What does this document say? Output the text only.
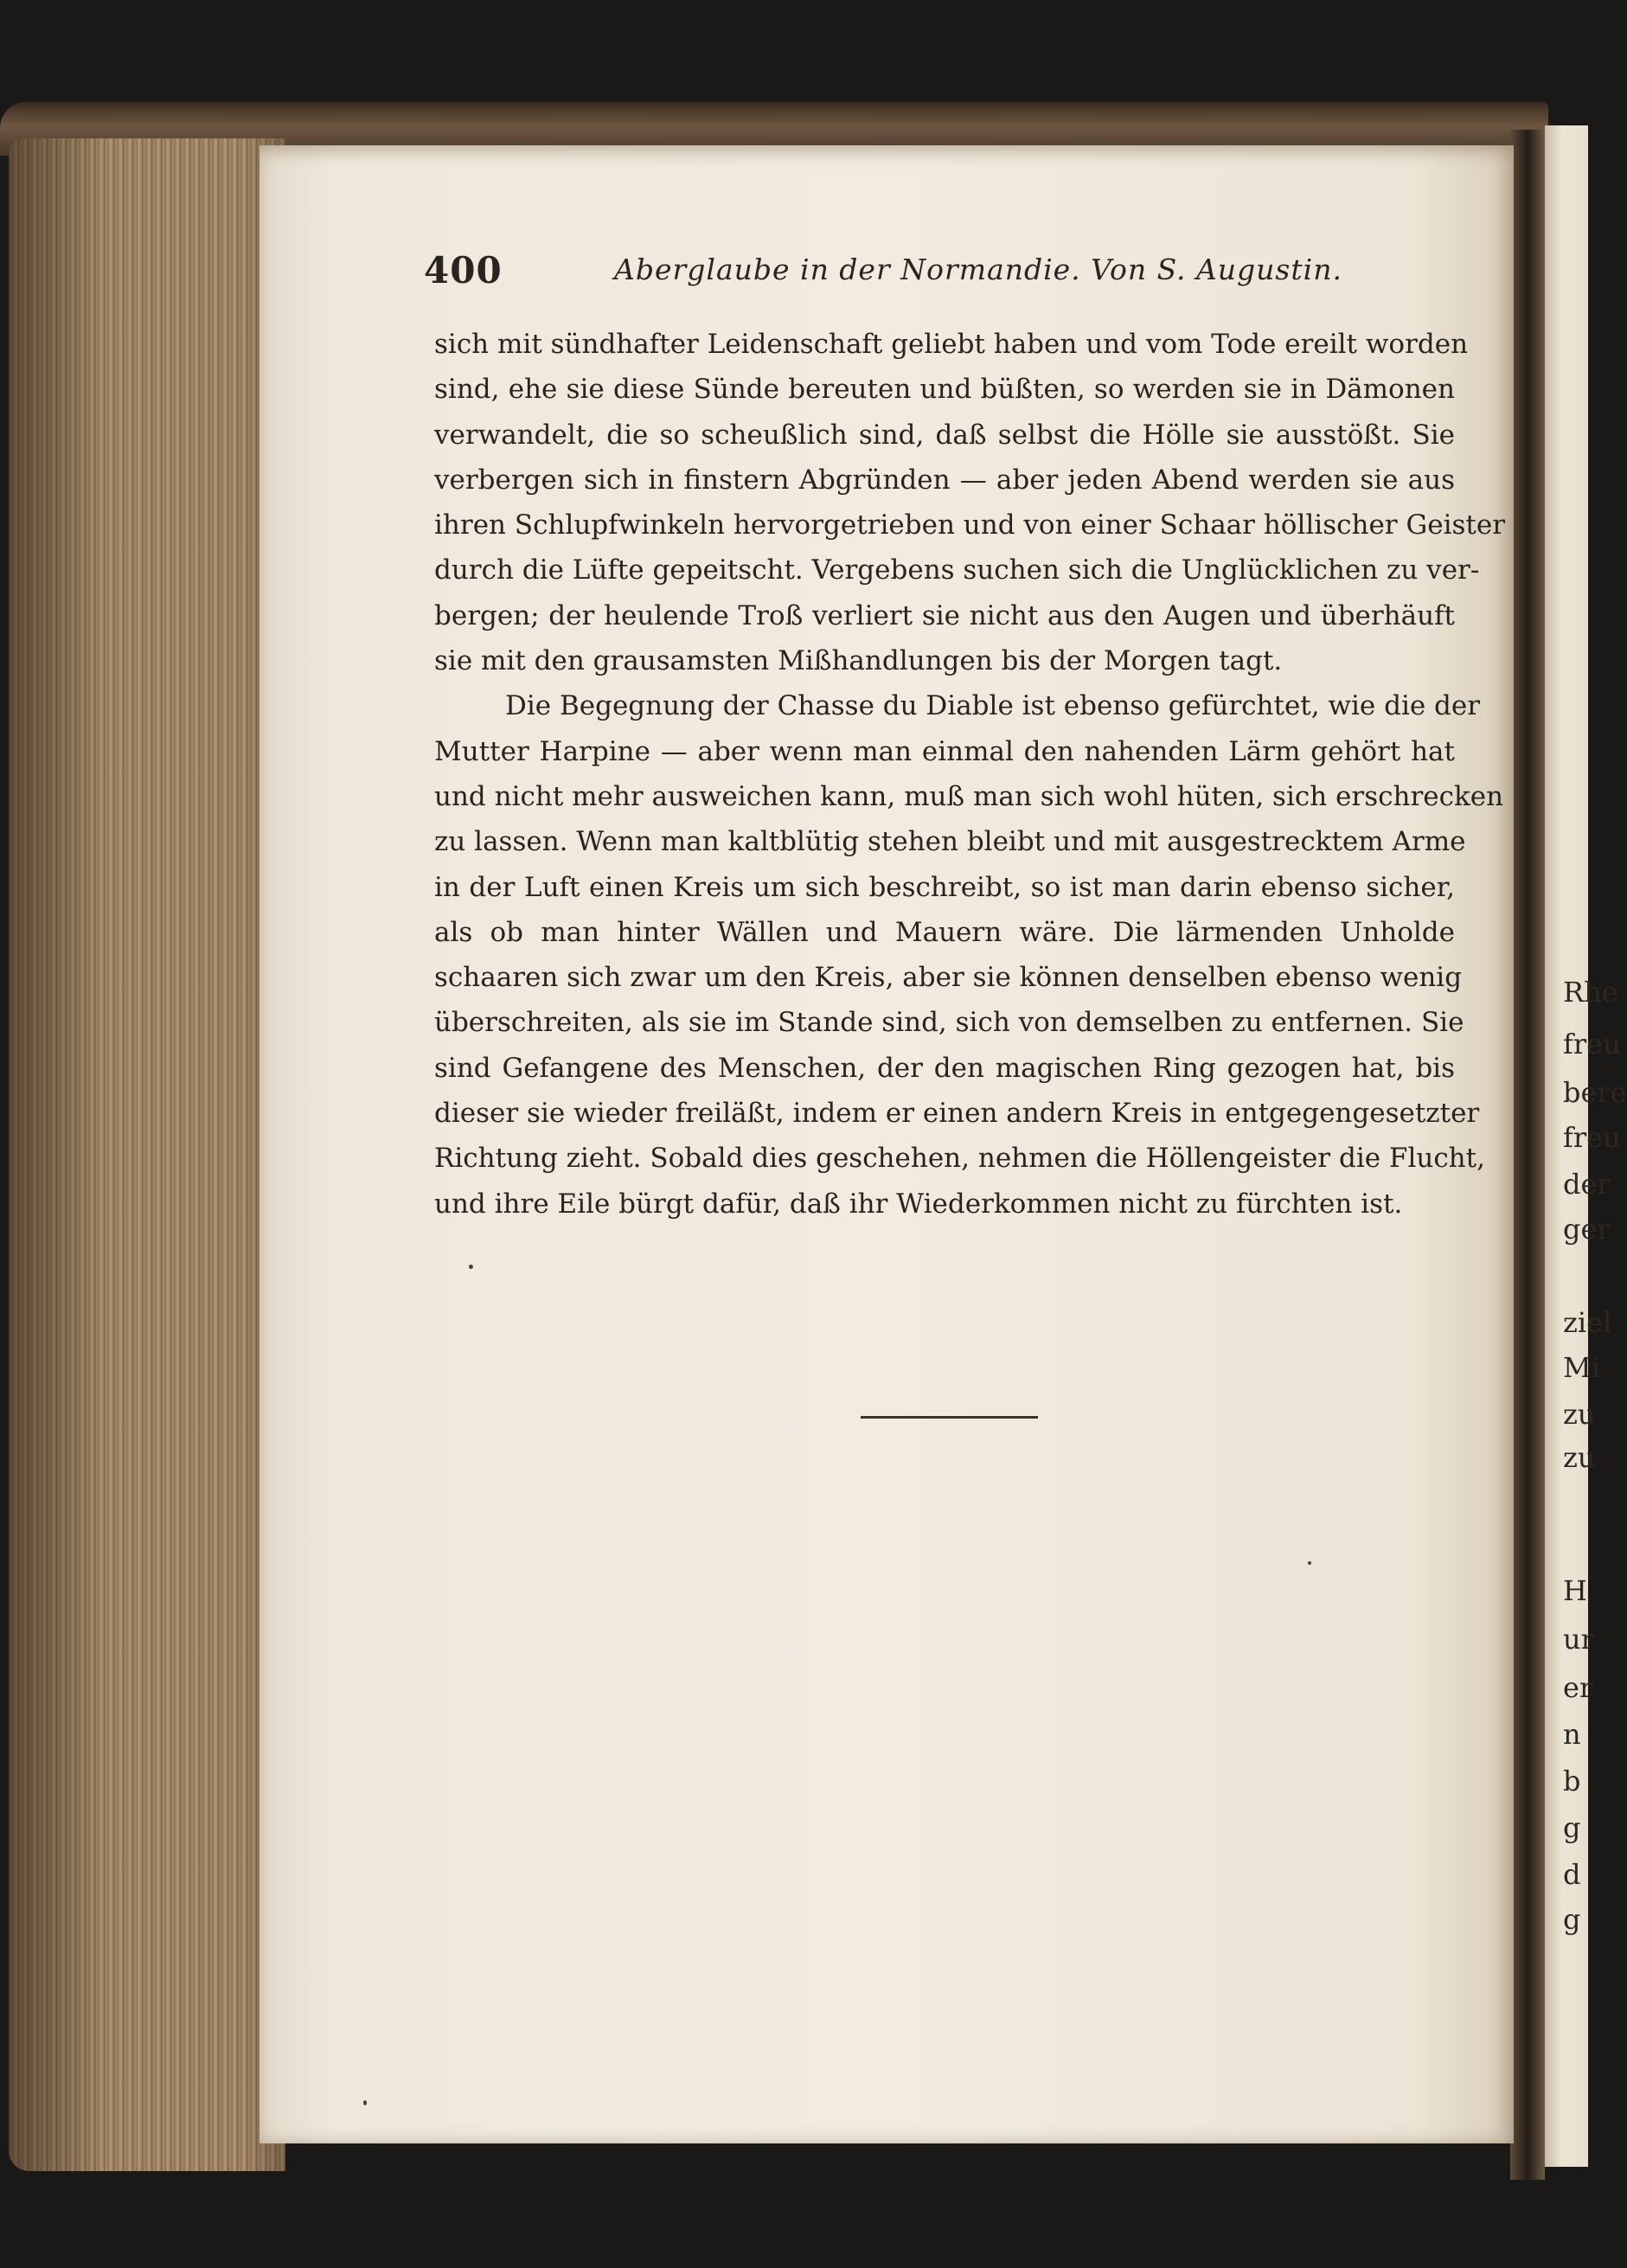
Rhe
freu
bere
freu
der
ger
ziel
Mi
zu
zu
H
ur
er
n
b
g
d
g
400	Aberglaube in der Normandie. Von S. Augustin.
sich mit sündhafter Leidenschaft geliebt haben und vom Tode ereilt worden
sind, ehe sie diese Sünde bereuten und büßten, so werden sie in Dämonen
verwandelt, die so scheußlich sind, daß selbst die Hölle sie ausstößt. Sie
verbergen sich in finstern Abgründen — aber jeden Abend werden sie aus
ihren Schlupfwinkeln hervorgetrieben und von einer Schaar höllischer Geister
durch die Lüfte gepeitscht. Vergebens suchen sich die Unglücklichen zu ver-
bergen; der heulende Troß verliert sie nicht aus den Augen und überhäuft
sie mit den grausamsten Mißhandlungen bis der Morgen tagt.
Die Begegnung der Chasse du Diable ist ebenso gefürchtet, wie die der
Mutter Harpine — aber wenn man einmal den nahenden Lärm gehört hat
und nicht mehr ausweichen kann, muß man sich wohl hüten, sich erschrecken
zu lassen. Wenn man kaltblütig stehen bleibt und mit ausgestrecktem Arme
in der Luft einen Kreis um sich beschreibt, so ist man darin ebenso sicher,
als ob man hinter Wällen und Mauern wäre. Die lärmenden Unholde
schaaren sich zwar um den Kreis, aber sie können denselben ebenso wenig
überschreiten, als sie im Stande sind, sich von demselben zu entfernen. Sie
sind Gefangene des Menschen, der den magischen Ring gezogen hat, bis
dieser sie wieder freiläßt, indem er einen andern Kreis in entgegengesetzter
Richtung zieht. Sobald dies geschehen, nehmen die Höllengeister die Flucht,
und ihre Eile bürgt dafür, daß ihr Wiederkommen nicht zu fürchten ist.
